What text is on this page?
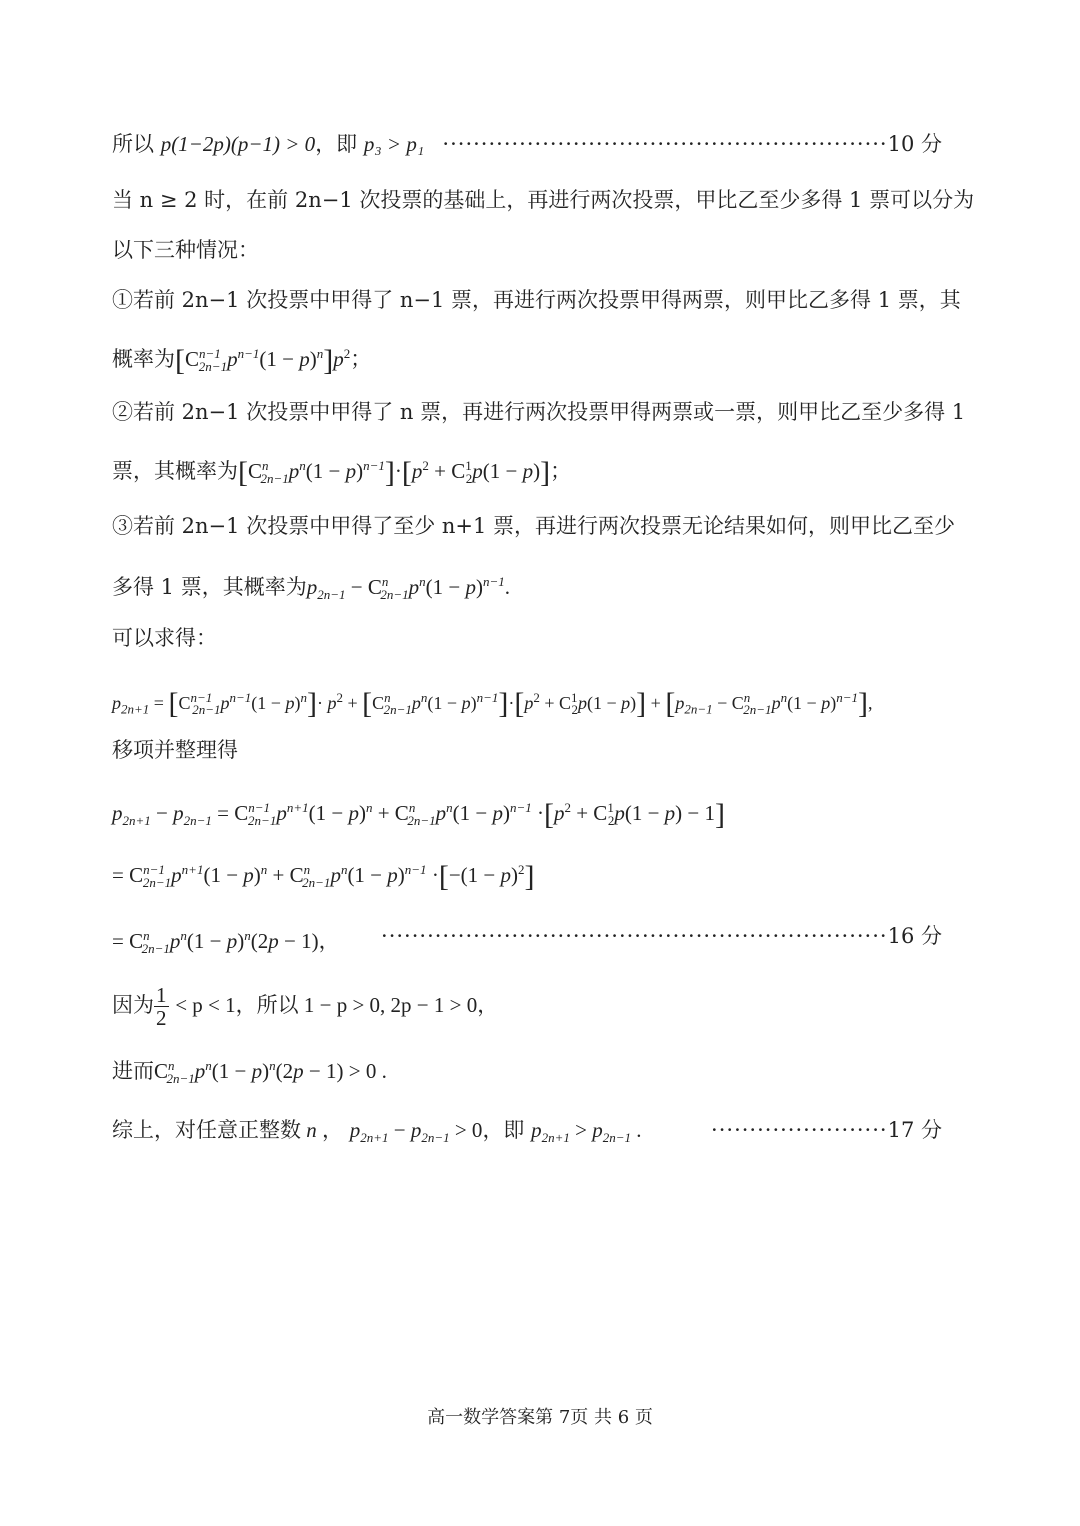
所以 p(1−2p)(p−1) > 0，即 p₃ > p₁ ··························································10 分
当 n ≥ 2 时，在前 2n−1 次投票的基础上，再进行两次投票，甲比乙至少多得 1 票可以分为
以下三种情况：
①若前 2n−1 次投票中甲得了 n−1 票，再进行两次投票甲得两票，则甲比乙多得 1 票，其
概率为$[C^{n-1}_{2n-1}p^{n-1}(1 - p)^n]p^2$；
②若前 2n−1 次投票中甲得了 n 票，再进行两次投票甲得两票或一票，则甲比乙至少多得 1
票，其概率为$[C^n_{2n-1}p^n(1 - p)^{n-1}]\cdot[p^2 + C^1_2p(1 - p)]$；
③若前 2n−1 次投票中甲得了至少 n+1 票，再进行两次投票无论结果如何，则甲比乙至少
多得 1 票，其概率为$p_{2n-1} - C^n_{2n-1}p^n(1 - p)^{n-1}$.
可以求得：
$p_{2n+1} = [C^{n-1}_{2n-1}p^{n-1}(1 - p)^n]\cdot p^2 + [C^n_{2n-1}p^n(1 - p)^{n-1}]\cdot[p^2 + C^1_2p(1 - p)] + [p_{2n-1} - C^n_{2n-1}p^n(1 - p)^{n-1}]$,
移项并整理得
$p_{2n+1} - p_{2n-1} = C^{n-1}_{2n-1}p^{n+1}(1 - p)^n + C^n_{2n-1}p^n(1 - p)^{n-1} \cdot[p^2 + C^1_2p(1 - p) - 1]$
= $C^{n-1}_{2n-1}p^{n+1}(1 - p)^n + C^n_{2n-1}p^n(1 - p)^{n-1} \cdot[-(1 - p)^2]$
= $C^n_{2n-1}p^n(1 - p)^n(2p - 1)$， ··································································16 分
因为 $\frac{1}{2} < p < 1$，所以 1 − p > 0, 2p − 1 > 0，
进而$C^n_{2n-1}p^n(1 - p)^n(2p - 1) > 0$ .
综上，对任意正整数 n ， $p_{2n+1} - p_{2n-1} > 0$，即 $p_{2n+1} > p_{2n-1}$ .	·······················17 分
高一数学答案第 7页 共 6 页
